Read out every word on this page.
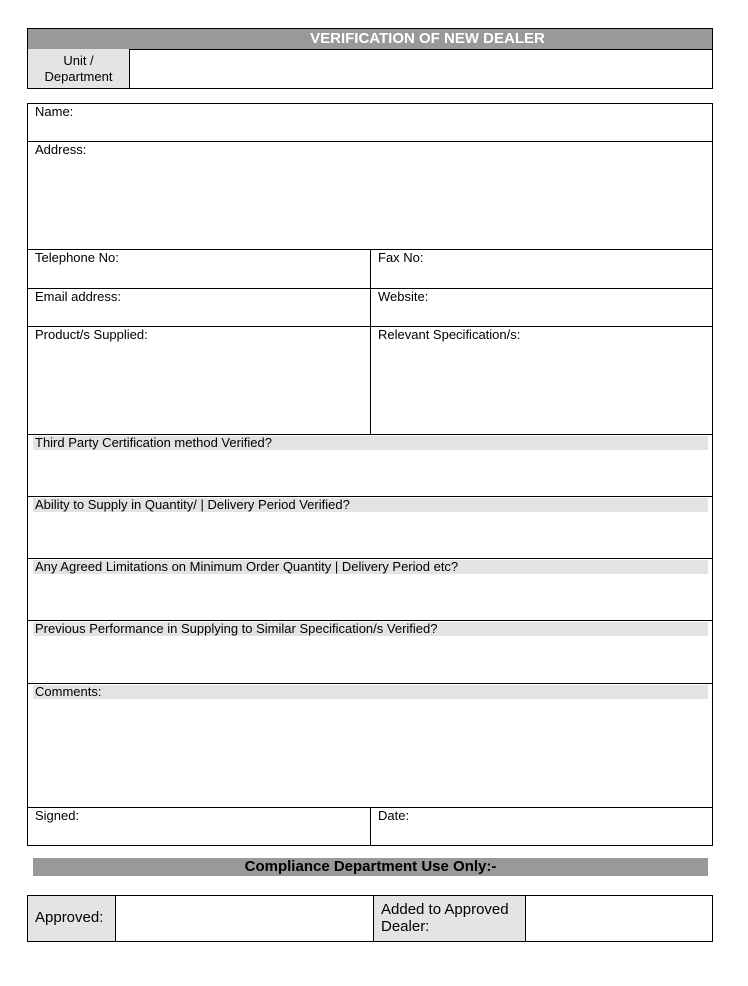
VERIFICATION OF NEW DEALER
Unit / Department
Name:
Address:
Telephone No:	Fax No:
Email address:	Website:
Product/s Supplied:	Relevant Specification/s:
Third Party Certification method Verified?
Ability to Supply in Quantity/ | Delivery Period Verified?
Any Agreed Limitations on Minimum Order Quantity | Delivery Period etc?
Previous Performance in Supplying to Similar Specification/s Verified?
Comments:
Signed:	Date:
Compliance Department Use Only:-
Approved:	Added to Approved Dealer:
